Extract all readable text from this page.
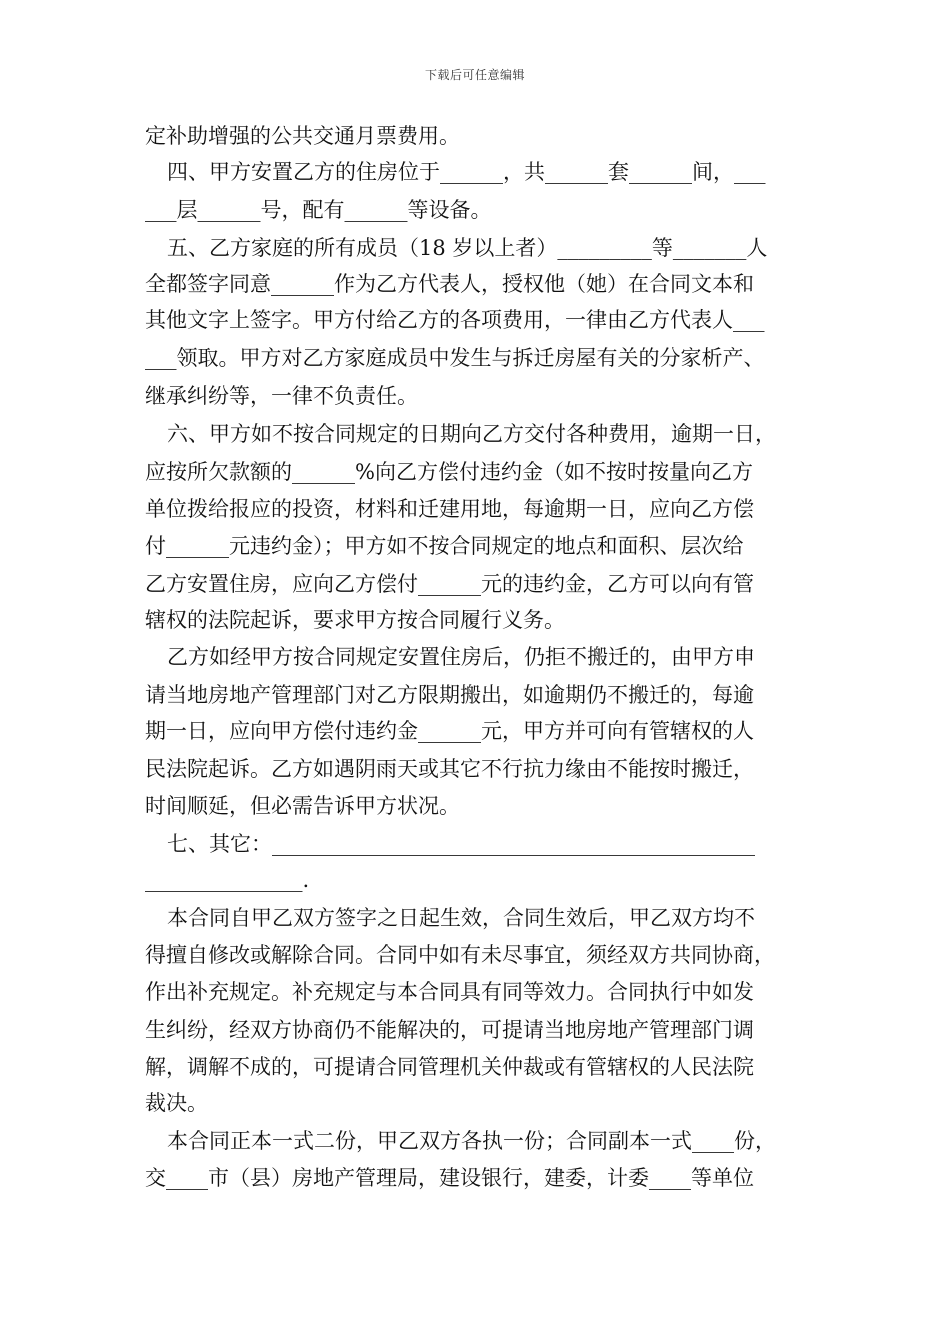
下载后可任意编辑
定补助增强的公共交通月票费用。
四、甲方安置乙方的住房位于______，共______套______间，___
___层______号，配有______等设备。
五、乙方家庭的所有成员（18 岁以上者）_________等_______人
全都签字同意______作为乙方代表人，授权他（她）在合同文本和
其他文字上签字。甲方付给乙方的各项费用，一律由乙方代表人___
___领取。甲方对乙方家庭成员中发生与拆迁房屋有关的分家析产、
继承纠纷等，一律不负责任。
六、甲方如不按合同规定的日期向乙方交付各种费用，逾期一日，
应按所欠款额的______%向乙方偿付违约金（如不按时按量向乙方
单位拨给报应的投资，材料和迁建用地，每逾期一日，应向乙方偿
付______元违约金）；甲方如不按合同规定的地点和面积、层次给
乙方安置住房，应向乙方偿付______元的违约金，乙方可以向有管
辖权的法院起诉，要求甲方按合同履行义务。
乙方如经甲方按合同规定安置住房后，仍拒不搬迁的，由甲方申
请当地房地产管理部门对乙方限期搬出，如逾期仍不搬迁的，每逾
期一日，应向甲方偿付违约金______元，甲方并可向有管辖权的人
民法院起诉。乙方如遇阴雨天或其它不行抗力缘由不能按时搬迁，
时间顺延，但必需告诉甲方状况。
七、其它：______________________________________________
_______________.
本合同自甲乙双方签字之日起生效，合同生效后，甲乙双方均不
得擅自修改或解除合同。合同中如有未尽事宜，须经双方共同协商，
作出补充规定。补充规定与本合同具有同等效力。合同执行中如发
生纠纷，经双方协商仍不能解决的，可提请当地房地产管理部门调
解，调解不成的，可提请合同管理机关仲裁或有管辖权的人民法院
裁决。
本合同正本一式二份，甲乙双方各执一份；合同副本一式____份，
交____市（县）房地产管理局，建设银行，建委，计委____等单位
